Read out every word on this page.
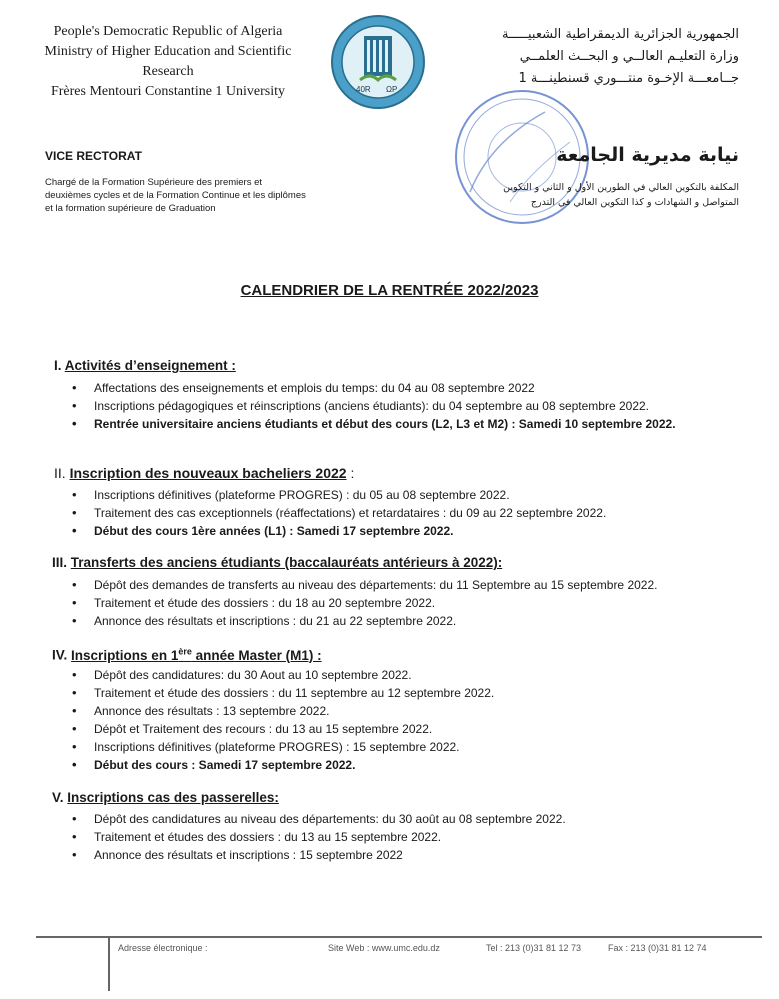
People's Democratic Republic of Algeria
Ministry of Higher Education and Scientific
Research
Frères Mentouri Constantine 1 University	40R ΩP
الجمهورية الجزائرية الديمقراطية الشعبيـــــة
وزارة التعليـم العالــي و البحــث العلمــي
جــامعـــة الإخـوة منتـــوري قسنطينـــة 1
VICE RECTORAT
Chargé de la Formation Supérieure des premiers et deuxièmes cycles et de la Formation Continue et les diplômes et la formation supérieure de Graduation
نيابة مديرية الجامعة
المكلفة بالتكوين العالي في الطورين الأول و الثاني و التكوين المتواصل و الشهادات و كذا التكوين العالي في التدرج
CALENDRIER DE LA RENTRÉE 2022/2023
I. Activités d’enseignement :
• Affectations des enseignements et emplois du temps: du 04 au 08 septembre 2022
• Inscriptions pédagogiques et réinscriptions (anciens étudiants): du 04 septembre au 08 septembre 2022.
• Rentrée universitaire anciens étudiants et début des cours (L2, L3 et M2) : Samedi 10 septembre 2022.
II. Inscription des nouveaux bacheliers 2022 :
• Inscriptions définitives (plateforme PROGRES) : du 05 au 08 septembre 2022.
• Traitement des cas exceptionnels (réaffectations) et retardataires : du 09 au 22 septembre 2022.
• Début des cours 1ère années (L1) : Samedi 17 septembre 2022.
III. Transferts des anciens étudiants (baccalauréats antérieurs à 2022):
• Dépôt des demandes de transferts au niveau des départements: du 11 Septembre au 15 septembre 2022.
• Traitement et étude des dossiers : du 18 au 20 septembre 2022.
• Annonce des résultats et inscriptions : du 21 au 22 septembre 2022.
IV. Inscriptions en 1ère année Master (M1) :
• Dépôt des candidatures: du 30 Aout au 10 septembre 2022.
• Traitement et étude des dossiers : du 11 septembre au 12 septembre 2022.
• Annonce des résultats : 13 septembre 2022.
• Dépôt et Traitement des recours : du 13 au 15 septembre 2022.
• Inscriptions définitives (plateforme PROGRES) : 15 septembre 2022.
• Début des cours : Samedi 17 septembre 2022.
V. Inscriptions cas des passerelles:
• Dépôt des candidatures au niveau des départements: du 30 août au 08 septembre 2022.
• Traitement et études des dossiers : du 13 au 15 septembre 2022.
• Annonce des résultats et inscriptions : 15 septembre 2022
Adresse électronique :	Site Web : www.umc.edu.dz	Tel : 213 (0)31 81 12 73	Fax : 213 (0)31 81 12 74
